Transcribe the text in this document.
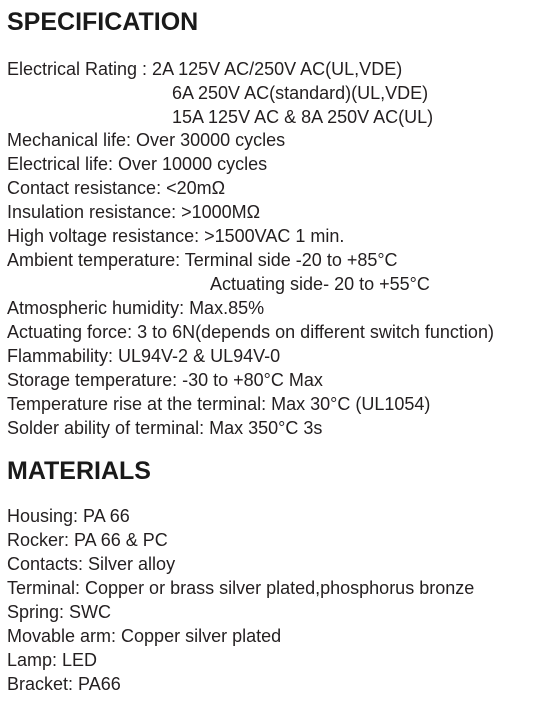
SPECIFICATION
Electrical Rating : 2A 125V AC/250V AC(UL,VDE)
6A 250V AC(standard)(UL,VDE)
15A 125V AC & 8A 250V AC(UL)
Mechanical life: Over 30000 cycles
Electrical life: Over 10000 cycles
Contact resistance: <20mΩ
Insulation resistance: >1000MΩ
High voltage resistance: >1500VAC 1 min.
Ambient temperature: Terminal side -20 to +85°C
Actuating side- 20 to +55°C
Atmospheric humidity: Max.85%
Actuating force: 3 to 6N(depends on different switch function)
Flammability: UL94V-2 & UL94V-0
Storage temperature: -30 to +80°C Max
Temperature rise at the terminal: Max 30°C (UL1054)
Solder ability of terminal: Max 350°C 3s
MATERIALS
Housing: PA 66
Rocker: PA 66 & PC
Contacts: Silver alloy
Terminal: Copper or brass silver plated,phosphorus bronze
Spring: SWC
Movable arm: Copper silver plated
Lamp: LED
Bracket: PA66
